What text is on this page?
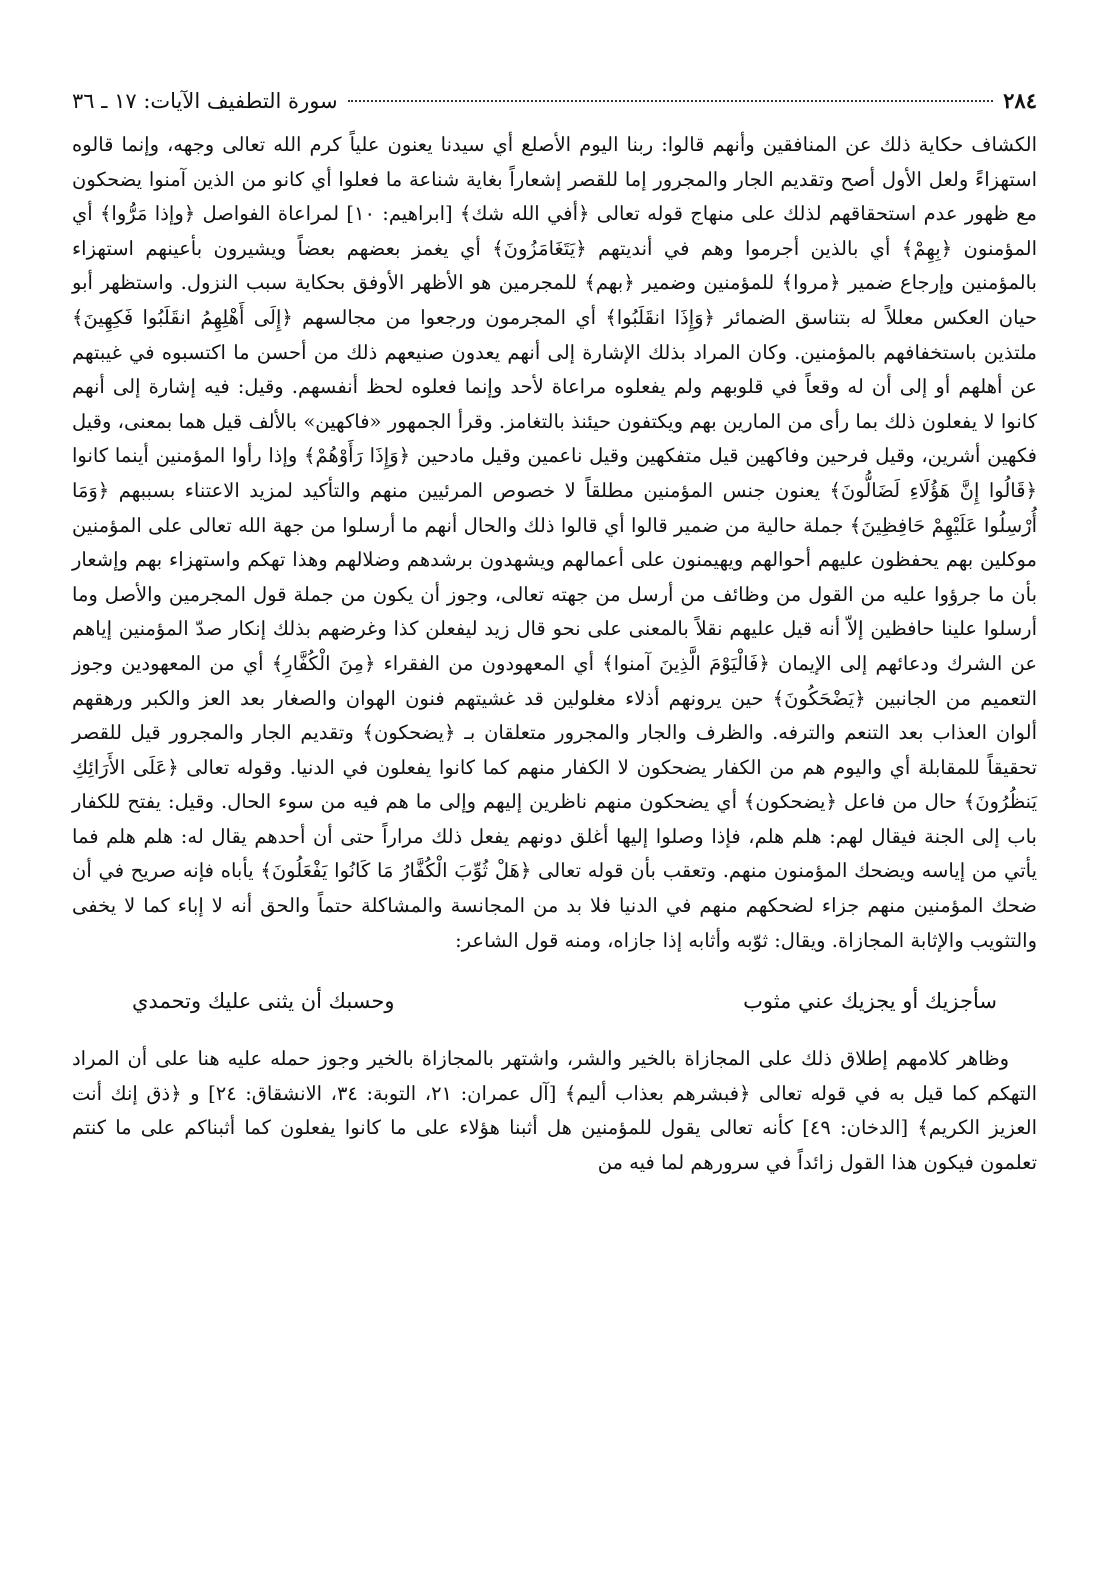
٢٨٤
سورة التطفيف الآيات: ١٧ ـ ٣٦

الكشاف حكاية ذلك عن المنافقين وأنهم قالوا: ربنا اليوم الأصلع أي سيدنا يعنون علياً كرم الله تعالى وجهه، وإنما قالوه استهزاءً ولعل الأول أصح وتقديم الجار والمجرور إما للقصر إشعاراً بغاية شناعة ما فعلوا أي كانو من الذين آمنوا يضحكون مع ظهور عدم استحقاقهم لذلك على منهاج قوله تعالى ﴿أفي الله شك﴾ [ابراهيم: ١٠] لمراعاة الفواصل ﴿وإذا مَرُّوا﴾ أي المؤمنون ﴿بِهِمْ﴾ أي بالذين أجرموا وهم في أنديتهم ﴿يَتَغَامَزُونَ﴾ أي يغمز بعضهم بعضاً ويشيرون بأعينهم استهزاء بالمؤمنين وإرجاع ضمير ﴿مروا﴾ للمؤمنين وضمير ﴿بهم﴾ للمجرمين هو الأظهر الأوفق بحكاية سبب النزول. واستظهر أبو حيان العكس معللاً له بتناسق الضمائر ﴿وَإِذَا انقَلَبُوا﴾ أي المجرمون ورجعوا من مجالسهم ﴿إِلَى أَهْلِهِمُ انقَلَبُوا فَكِهِينَ﴾ ملتذين باستخفافهم بالمؤمنين. وكان المراد بذلك الإشارة إلى أنهم يعدون صنيعهم ذلك من أحسن ما اكتسبوه في غيبتهم عن أهلهم أو إلى أن له وقعاً في قلوبهم ولم يفعلوه مراعاة لأحد وإنما فعلوه لحظ أنفسهم. وقيل: فيه إشارة إلى أنهم كانوا لا يفعلون ذلك بما رأى من المارين بهم ويكتفون حيئنذ بالتغامز. وقرأ الجمهور «فاكهين» بالألف قيل هما بمعنى، وقيل فكهين أشرين، وقيل فرحين وفاكهين قيل متفكهين وقيل ناعمين وقيل مادحين ﴿وَإِذَا رَأَوْهُمْ﴾ وإذا رأوا المؤمنين أينما كانوا ﴿قَالُوا إِنَّ هَؤُلَاءِ لَضَالُّونَ﴾ يعنون جنس المؤمنين مطلقاً لا خصوص المرئيين منهم والتأكيد لمزيد الاعتناء بسببهم ﴿وَمَا أُرْسِلُوا عَلَيْهِمْ حَافِظِينَ﴾ جملة حالية من ضمير قالوا أي قالوا ذلك والحال أنهم ما أرسلوا من جهة الله تعالى على المؤمنين موكلين بهم يحفظون عليهم أحوالهم ويهيمنون على أعمالهم ويشهدون برشدهم وضلالهم وهذا تهكم واستهزاء بهم وإشعار بأن ما جرؤوا عليه من القول من وظائف من أرسل من جهته تعالى، وجوز أن يكون من جملة قول المجرمين والأصل وما أرسلوا علينا حافظين إلاّ أنه قيل عليهم نقلاً بالمعنى على نحو قال زيد ليفعلن كذا وغرضهم بذلك إنكار صدّ المؤمنين إياهم عن الشرك ودعائهم إلى الإيمان ﴿فَالْيَوْمَ الَّذِينَ آمنوا﴾ أي المعهودون من الفقراء ﴿مِنَ الْكُفَّارِ﴾ أي من المعهودين وجوز التعميم من الجانبين ﴿يَضْحَكُونَ﴾ حين يرونهم أذلاء مغلولين قد غشيتهم فنون الهوان والصغار بعد العز والكبر ورهقهم ألوان العذاب بعد التنعم والترفه. والظرف والجار والمجرور متعلقان بـ ﴿يضحكون﴾ وتقديم الجار والمجرور قيل للقصر تحقيقاً للمقابلة أي واليوم هم من الكفار يضحكون لا الكفار منهم كما كانوا يفعلون في الدنيا. وقوله تعالى ﴿عَلَى الأَرَائِكِ يَنظُرُونَ﴾ حال من فاعل ﴿يضحكون﴾ أي يضحكون منهم ناظرين إليهم وإلى ما هم فيه من سوء الحال. وقيل: يفتح للكفار باب إلى الجنة فيقال لهم: هلم هلم، فإذا وصلوا إليها أغلق دونهم يفعل ذلك مراراً حتى أن أحدهم يقال له: هلم هلم فما يأتي من إياسه ويضحك المؤمنون منهم. وتعقب بأن قوله تعالى ﴿هَلْ ثُوِّبَ الْكُفَّارُ مَا كَانُوا يَفْعَلُونَ﴾ يأباه فإنه صريح في أن ضحك المؤمنين منهم جزاء لضحكهم منهم في الدنيا فلا بد من المجانسة والمشاكلة حتماً والحق أنه لا إباء كما لا يخفى والتثويب والإثابة المجازاة. ويقال: ثوّبه وأثابه إذا جازاه، ومنه قول الشاعر:

سأجزيك أو يجزيك عني مثوب
وحسبك أن يثنى عليك وتحمدي

وظاهر كلامهم إطلاق ذلك على المجازاة بالخير والشر، واشتهر بالمجازاة بالخير وجوز حمله عليه هنا على أن المراد التهكم كما قيل به في قوله تعالى ﴿فبشرهم بعذاب أليم﴾ [آل عمران: ٢١، التوبة: ٣٤، الانشقاق: ٢٤] و ﴿ذق إنك أنت العزيز الكريم﴾ [الدخان: ٤٩] كأنه تعالى يقول للمؤمنين هل أثبنا هؤلاء على ما كانوا يفعلون كما أثبناكم على ما كنتم تعلمون فيكون هذا القول زائداً في سرورهم لما فيه من
